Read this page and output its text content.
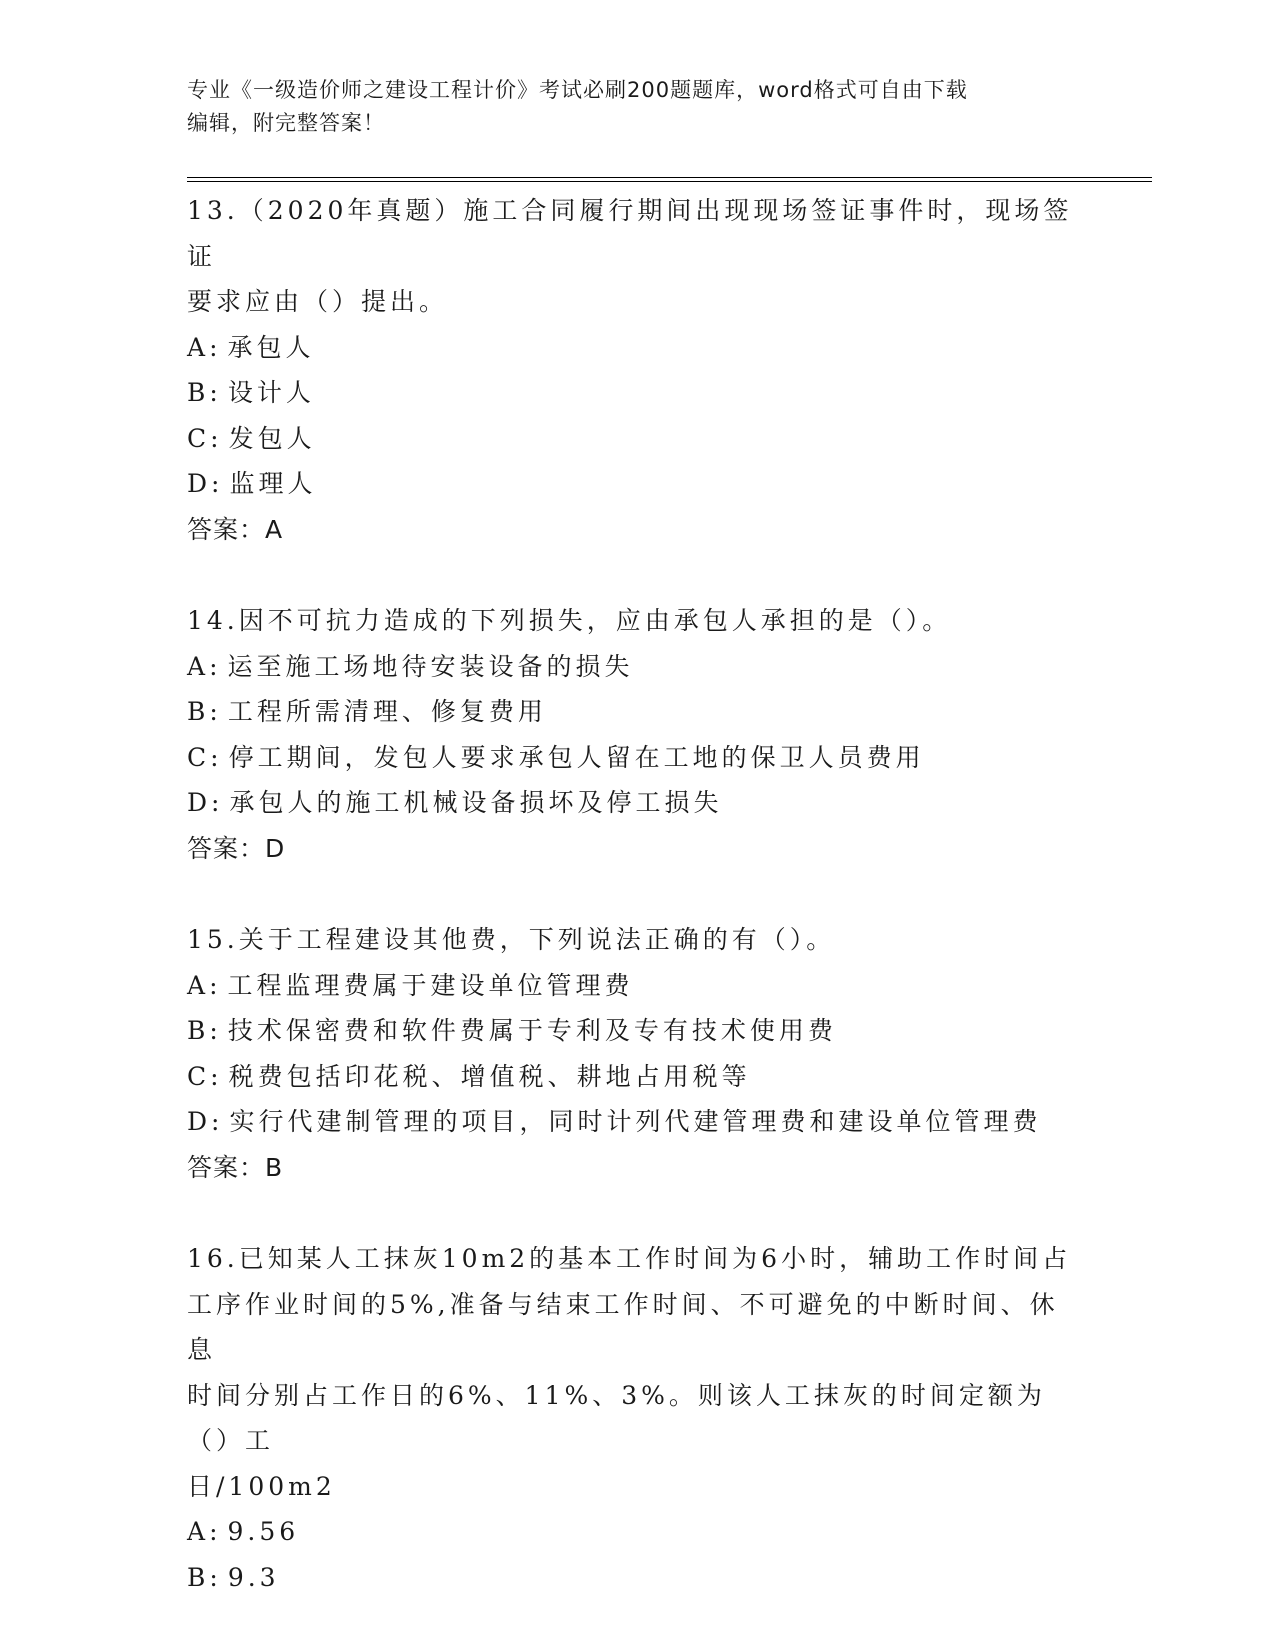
专业《一级造价师之建设工程计价》考试必刷200题题库，word格式可自由下载
编辑，附完整答案！
13.（2020年真题）施工合同履行期间出现现场签证事件时，现场签证
要求应由（）提出。
A: 承包人
B: 设计人
C: 发包人
D: 监理人
答案：A
14.因不可抗力造成的下列损失，应由承包人承担的是（）。
A: 运至施工场地待安装设备的损失
B: 工程所需清理、修复费用
C: 停工期间，发包人要求承包人留在工地的保卫人员费用
D: 承包人的施工机械设备损坏及停工损失
答案：D
15.关于工程建设其他费，下列说法正确的有（）。
A: 工程监理费属于建设单位管理费
B: 技术保密费和软件费属于专利及专有技术使用费
C: 税费包括印花税、增值税、耕地占用税等
D: 实行代建制管理的项目，同时计列代建管理费和建设单位管理费
答案：B
16.已知某人工抹灰10m2的基本工作时间为6小时，辅助工作时间占
工序作业时间的5%,准备与结束工作时间、不可避免的中断时间、休息
时间分别占工作日的6%、11%、3%。则该人工抹灰的时间定额为（）工
日/100m2
A: 9.56
B: 9.3
